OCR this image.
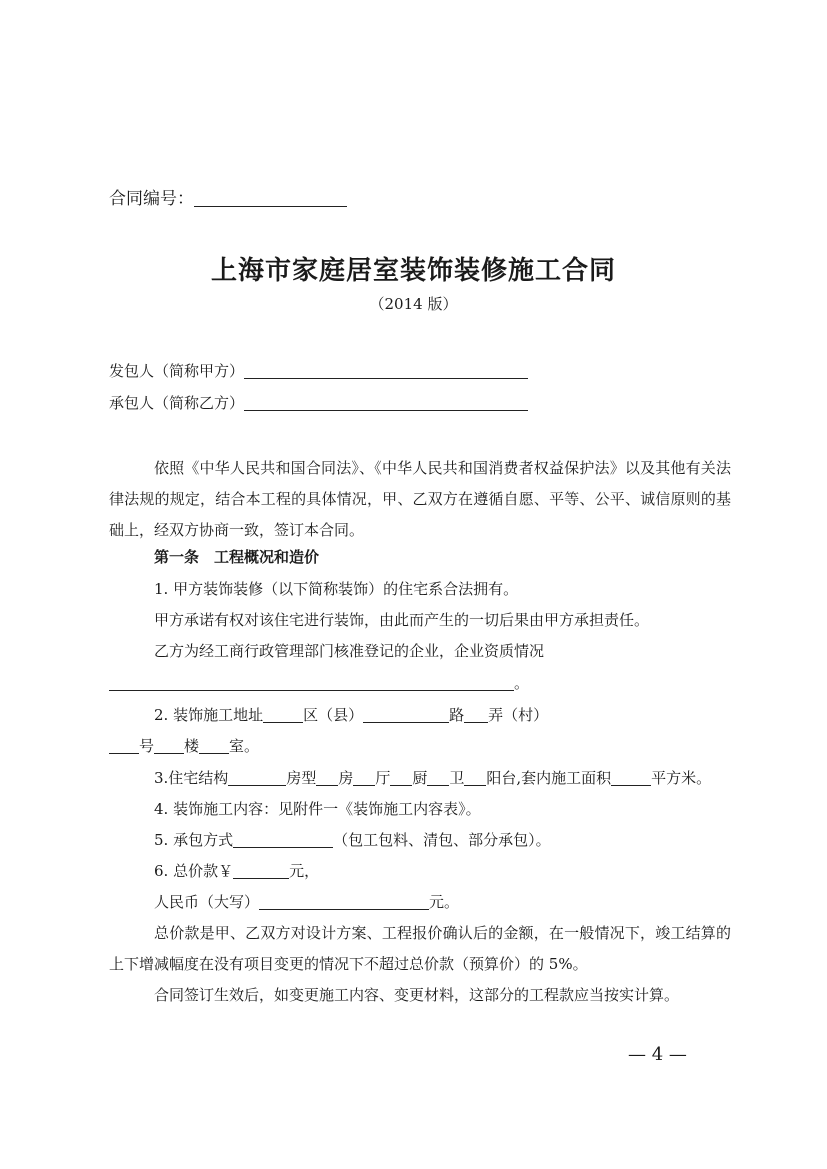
合同编号：
上海市家庭居室装饰装修施工合同
（2014 版）
发包人（简称甲方）
承包人（简称乙方）
依照《中华人民共和国合同法》、《中华人民共和国消费者权益保护法》以及其他有关法律法规的规定，结合本工程的具体情况，甲、乙双方在遵循自愿、平等、公平、诚信原则的基础上，经双方协商一致，签订本合同。
第一条　工程概况和造价
1. 甲方装饰装修（以下简称装饰）的住宅系合法拥有。
甲方承诺有权对该住宅进行装饰，由此而产生的一切后果由甲方承担责任。
乙方为经工商行政管理部门核准登记的企业，企业资质情况
。
2. 装饰施工地址	区（县）	路 弄（村）
号 楼 室。
3.住宅结构	房型 房 厅 厨 卫 阳台,套内施工面积	平方米。
4. 装饰施工内容：见附件一《装饰施工内容表》。
5. 承包方式	（包工包料、清包、部分承包）。
6. 总价款￥	元，
人民币（大写）	元。
总价款是甲、乙双方对设计方案、工程报价确认后的金额，在一般情况下，竣工结算的上下增减幅度在没有项目变更的情况下不超过总价款（预算价）的 5%。
合同签订生效后，如变更施工内容、变更材料，这部分的工程款应当按实计算。
— 4 —
